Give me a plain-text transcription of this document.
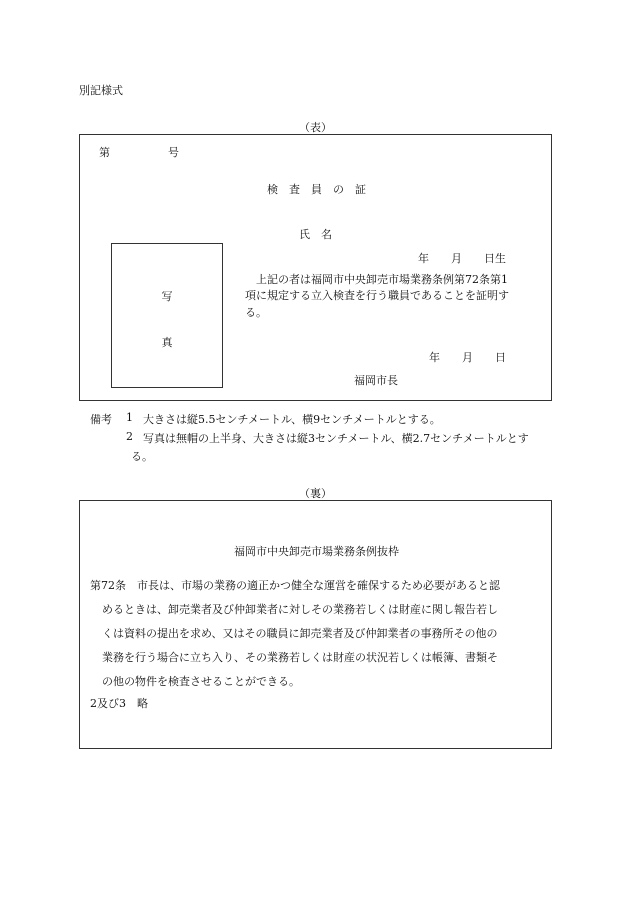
別記様式
（表）
第	号
検　査　員　の　証
氏　名
年　　月　　日生
写
真
上記の者は福岡市中央卸売市場業務条例第72条第1
項に規定する立入検査を行う職員であることを証明す
る。
年　　月　　日
福岡市長
備考 1 大きさは縦5.5センチメートル、横9センチメートルとする。
2 写真は無帽の上半身、大きさは縦3センチメートル、横2.7センチメートルとす
る。
（裏）
福岡市中央卸売市場業務条例抜枠
第72条　市長は、市場の業務の適正かつ健全な運営を確保するため必要があると認
めるときは、卸売業者及び仲卸業者に対しその業務若しくは財産に関し報告若し
くは資料の提出を求め、又はその職員に卸売業者及び仲卸業者の事務所その他の
業務を行う場合に立ち入り、その業務若しくは財産の状況若しくは帳簿、書類そ
の他の物件を検査させることができる。
2及び3　略
